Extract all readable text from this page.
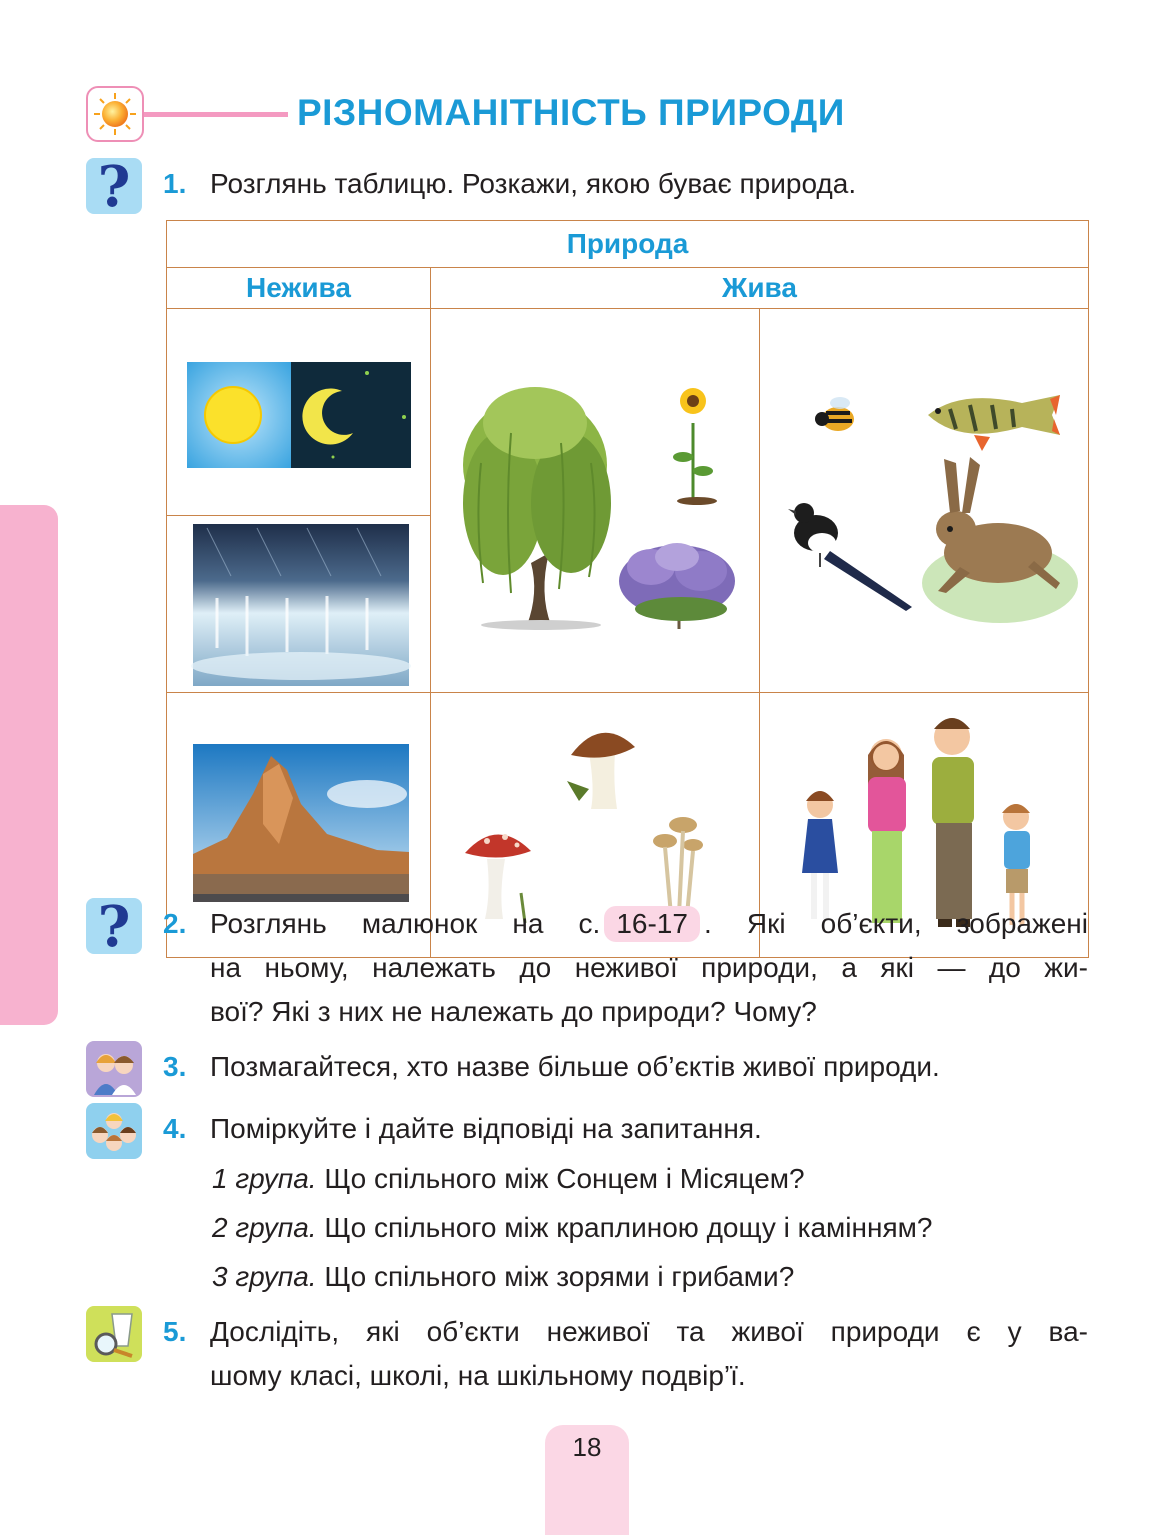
РІЗНОМАНІТНІСТЬ ПРИРОДИ
?	1. Розглянь таблицю. Розкажи, якою буває природа.
Природа		
Нежива	Жива	

?	2. Розглянь малюнок на с. 16-17 . Які об’єкти, зображені
на ньому, належать до неживої природи, а які — до жи-
вої? Які з них не належать до природи? Чому?
3. Позмагайтеся, хто назве більше об’єктів живої природи.
4. Поміркуйте і дайте відповіді на запитання.
1 група. Що спільного між Сонцем і Місяцем?
2 група. Що спільного між краплиною дощу і камінням?
3 група. Що спільного між зорями і грибами?
5. Дослідіть, які об’єкти неживої та живої природи є у ва-
шому класі, школі, на шкільному подвір’ї.
18
